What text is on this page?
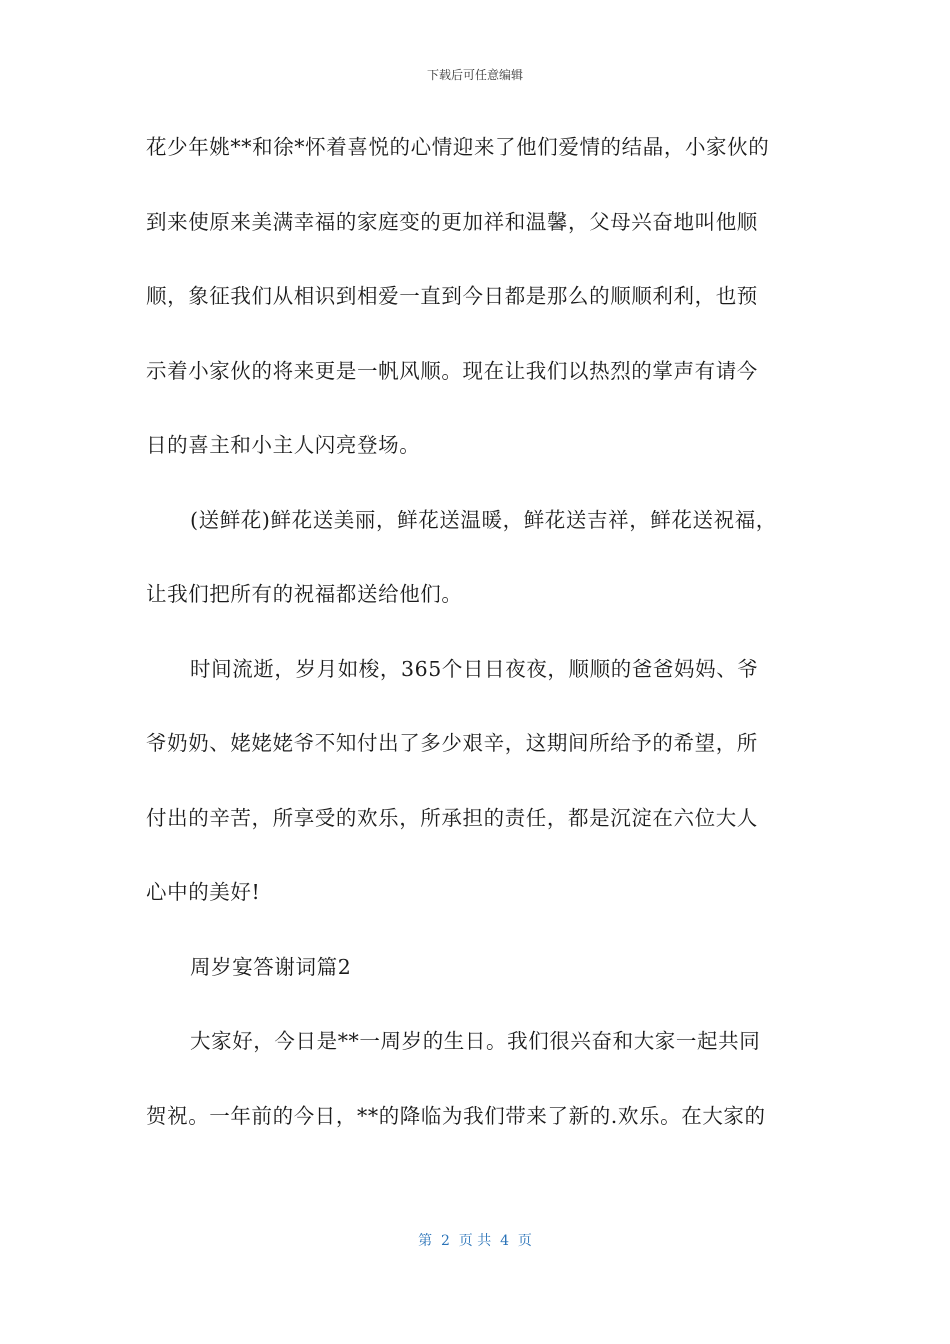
下载后可任意编辑
花少年姚**和徐*怀着喜悦的心情迎来了他们爱情的结晶，小家伙的
到来使原来美满幸福的家庭变的更加祥和温馨，父母兴奋地叫他顺
顺，象征我们从相识到相爱一直到今日都是那么的顺顺利利，也预
示着小家伙的将来更是一帆风顺。现在让我们以热烈的掌声有请今
日的喜主和小主人闪亮登场。
(送鲜花)鲜花送美丽，鲜花送温暖，鲜花送吉祥，鲜花送祝福，
让我们把所有的祝福都送给他们。
时间流逝，岁月如梭，365个日日夜夜，顺顺的爸爸妈妈、爷
爷奶奶、姥姥姥爷不知付出了多少艰辛，这期间所给予的希望，所
付出的辛苦，所享受的欢乐，所承担的责任，都是沉淀在六位大人
心中的美好!
周岁宴答谢词篇2
大家好，今日是**一周岁的生日。我们很兴奋和大家一起共同
贺祝。一年前的今日，**的降临为我们带来了新的.欢乐。在大家的
第  2  页 共  4  页
